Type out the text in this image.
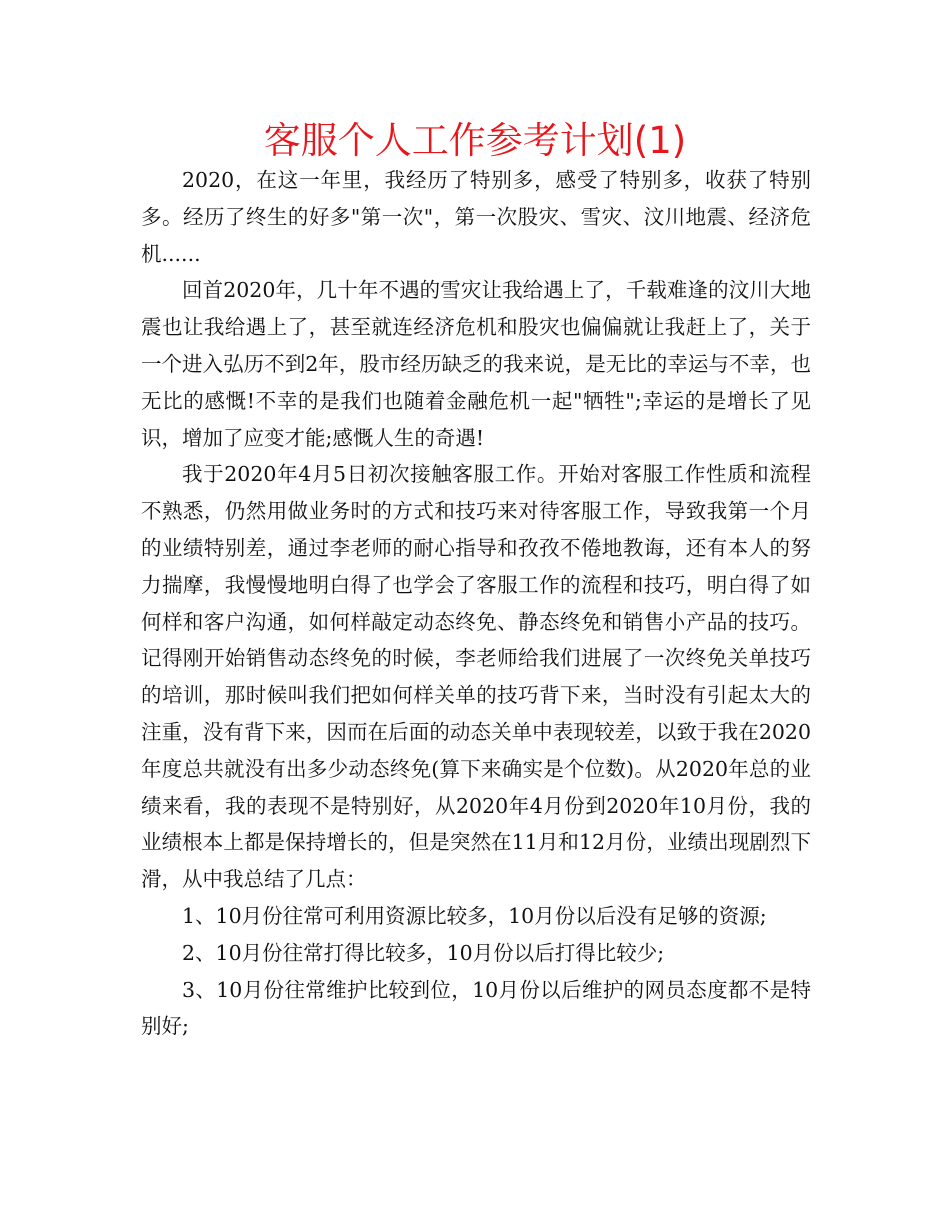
客服个人工作参考计划(1)

2020，在这一年里，我经历了特别多，感受了特别多，收获了特别多。经历了终生的好多"第一次"，第一次股灾、雪灾、汶川地震、经济危机......

回首2020年，几十年不遇的雪灾让我给遇上了，千载难逢的汶川大地震也让我给遇上了，甚至就连经济危机和股灾也偏偏就让我赶上了，关于一个进入弘历不到2年，股市经历缺乏的我来说，是无比的幸运与不幸，也无比的感慨!不幸的是我们也随着金融危机一起"牺牲";幸运的是增长了见识，增加了应变才能;感慨人生的奇遇!

我于2020年4月5日初次接触客服工作。开始对客服工作性质和流程不熟悉，仍然用做业务时的方式和技巧来对待客服工作，导致我第一个月的业绩特别差，通过李老师的耐心指导和孜孜不倦地教诲，还有本人的努力揣摩，我慢慢地明白得了也学会了客服工作的流程和技巧，明白得了如何样和客户沟通，如何样敲定动态终免、静态终免和销售小产品的技巧。记得刚开始销售动态终免的时候，李老师给我们进展了一次终免关单技巧的培训，那时候叫我们把如何样关单的技巧背下来，当时没有引起太大的注重，没有背下来，因而在后面的动态关单中表现较差，以致于我在2020年度总共就没有出多少动态终免(算下来确实是个位数)。从2020年总的业绩来看，我的表现不是特别好，从2020年4月份到2020年10月份，我的业绩根本上都是保持增长的，但是突然在11月和12月份，业绩出现剧烈下滑，从中我总结了几点：

1、10月份往常可利用资源比较多，10月份以后没有足够的资源;

2、10月份往常打得比较多，10月份以后打得比较少;

3、10月份往常维护比较到位，10月份以后维护的网员态度都不是特别好;
